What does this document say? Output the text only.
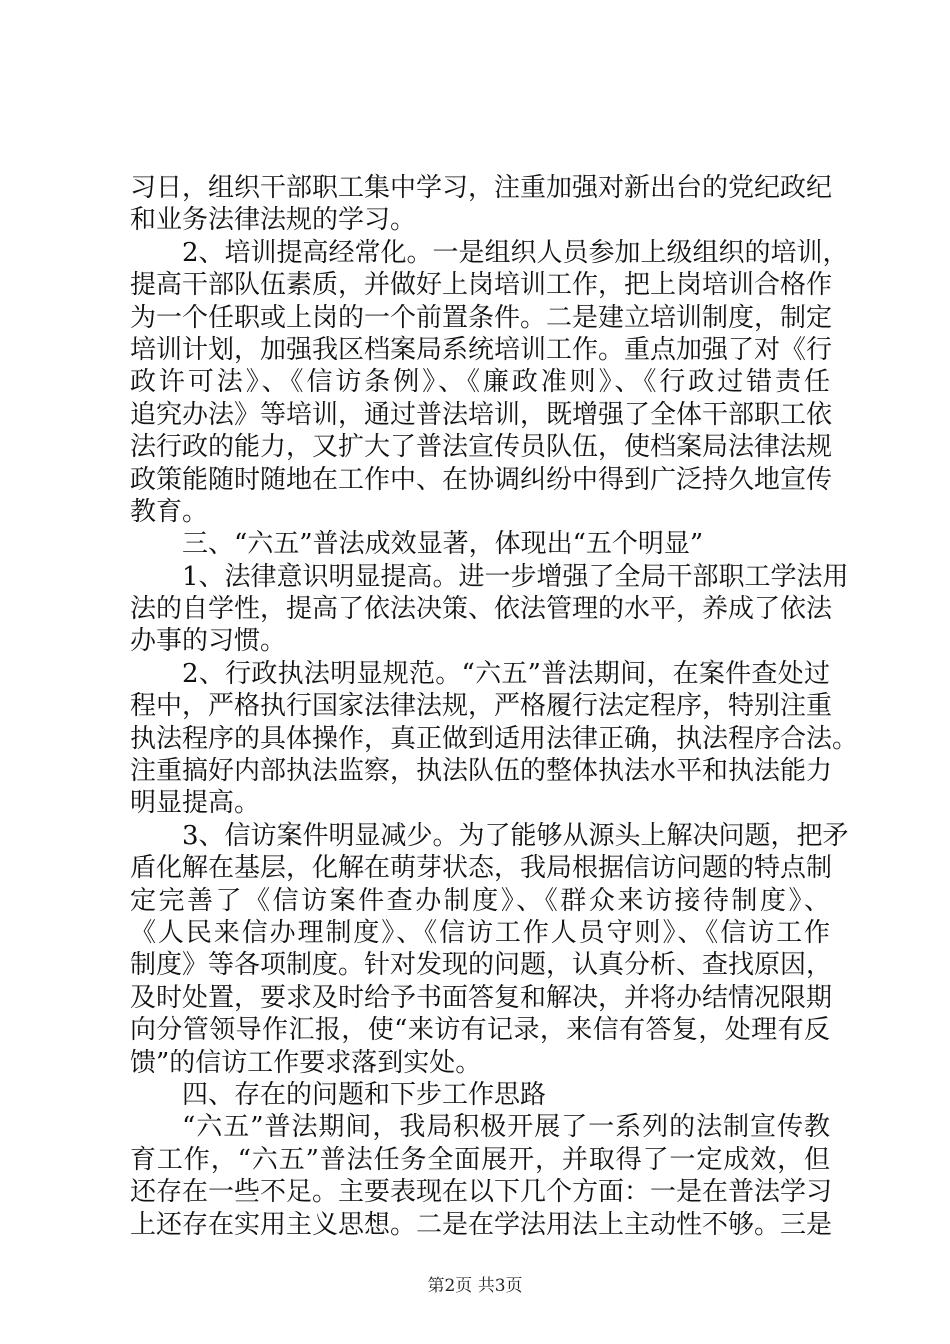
习日，组织干部职工集中学习，注重加强对新出台的党纪政纪
和业务法律法规的学习。
2、培训提高经常化。一是组织人员参加上级组织的培训，
提高干部队伍素质，并做好上岗培训工作，把上岗培训合格作
为一个任职或上岗的一个前置条件。二是建立培训制度，制定
培训计划，加强我区档案局系统培训工作。重点加强了对《行
政许可法》、《信访条例》、《廉政准则》、《行政过错责任
追究办法》等培训，通过普法培训，既增强了全体干部职工依
法行政的能力，又扩大了普法宣传员队伍，使档案局法律法规
政策能随时随地在工作中、在协调纠纷中得到广泛持久地宣传
教育。
三、“六五”普法成效显著，体现出“五个明显”
1、法律意识明显提高。进一步增强了全局干部职工学法用
法的自学性，提高了依法决策、依法管理的水平，养成了依法
办事的习惯。
2、行政执法明显规范。“六五”普法期间，在案件查处过
程中，严格执行国家法律法规，严格履行法定程序，特别注重
执法程序的具体操作，真正做到适用法律正确，执法程序合法。
注重搞好内部执法监察，执法队伍的整体执法水平和执法能力
明显提高。
3、信访案件明显减少。为了能够从源头上解决问题，把矛
盾化解在基层，化解在萌芽状态，我局根据信访问题的特点制
定完善了《信访案件查办制度》、《群众来访接待制度》、
《人民来信办理制度》、《信访工作人员守则》、《信访工作
制度》等各项制度。针对发现的问题，认真分析、查找原因，
及时处置，要求及时给予书面答复和解决，并将办结情况限期
向分管领导作汇报，使“来访有记录，来信有答复，处理有反
馈”的信访工作要求落到实处。
四、存在的问题和下步工作思路
“六五”普法期间，我局积极开展了一系列的法制宣传教
育工作，“六五”普法任务全面展开，并取得了一定成效，但
还存在一些不足。主要表现在以下几个方面：一是在普法学习
上还存在实用主义思想。二是在学法用法上主动性不够。三是
第2页 共3页
